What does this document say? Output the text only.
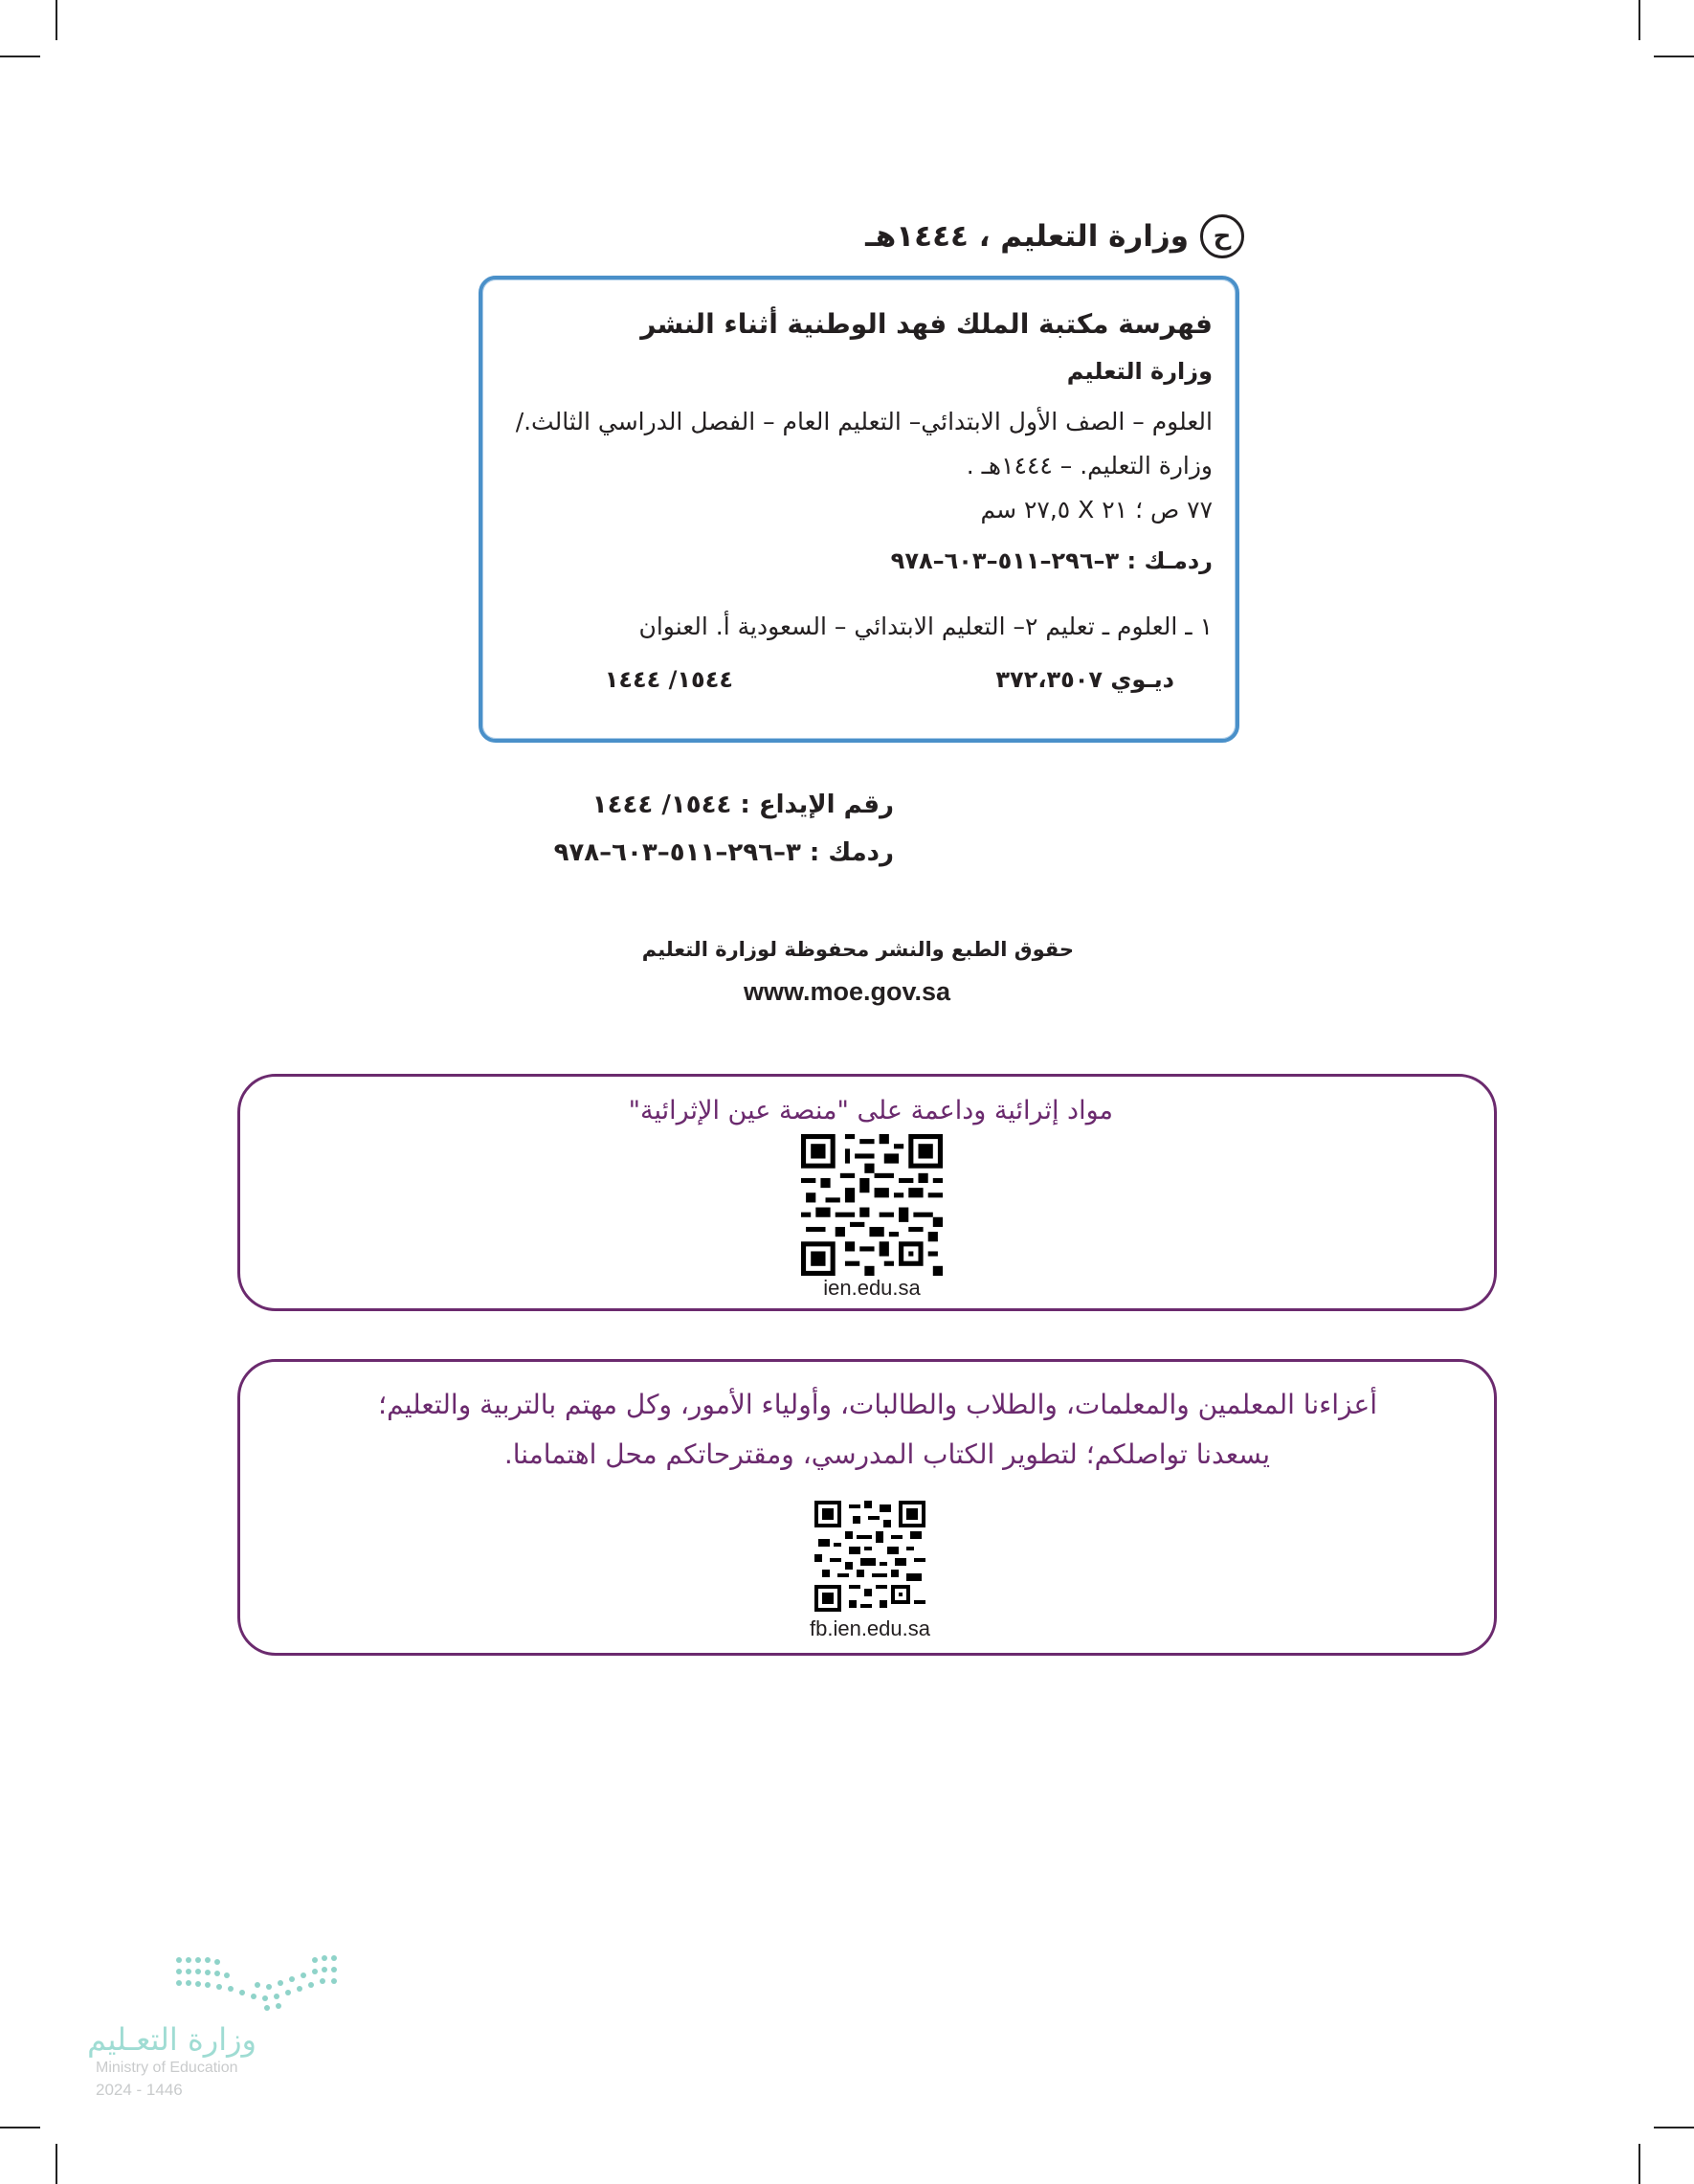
ح
وزارة التعليم ، ١٤٤٤هـ
فهرسة مكتبة الملك فهد الوطنية أثناء النشر
وزارة التعليم
العلوم – الصف الأول الابتدائي– التعليم العام – الفصل الدراسي الثالث./
وزارة التعليم. – ١٤٤٤هـ .
٧٧ ص ؛ ٢١ X ٢٧,٥ سم
ردمـك : ٣–٢٩٦–٥١١–٦٠٣–٩٧٨
١ ـ العلوم ـ تعليم ٢– التعليم الابتدائي – السعودية أ. العنوان
ديـوي ٣٧٢،٣٥٠٧
١٥٤٤/ ١٤٤٤
رقم الإيداع : ١٥٤٤/ ١٤٤٤
ردمك : ٣–٢٩٦–٥١١–٦٠٣–٩٧٨
حقوق الطبع والنشر محفوظة لوزارة التعليم
www.moe.gov.sa
مواد إثرائية وداعمة على "منصة عين الإثرائية"
ien.edu.sa
أعزاءنا المعلمين والمعلمات، والطلاب والطالبات، وأولياء الأمور، وكل مهتم بالتربية والتعليم؛
يسعدنا تواصلكم؛ لتطوير الكتاب المدرسي، ومقترحاتكم محل اهتمامنا.
fb.ien.edu.sa
وزارة التعـليم
Ministry of Education
2024 - 1446
